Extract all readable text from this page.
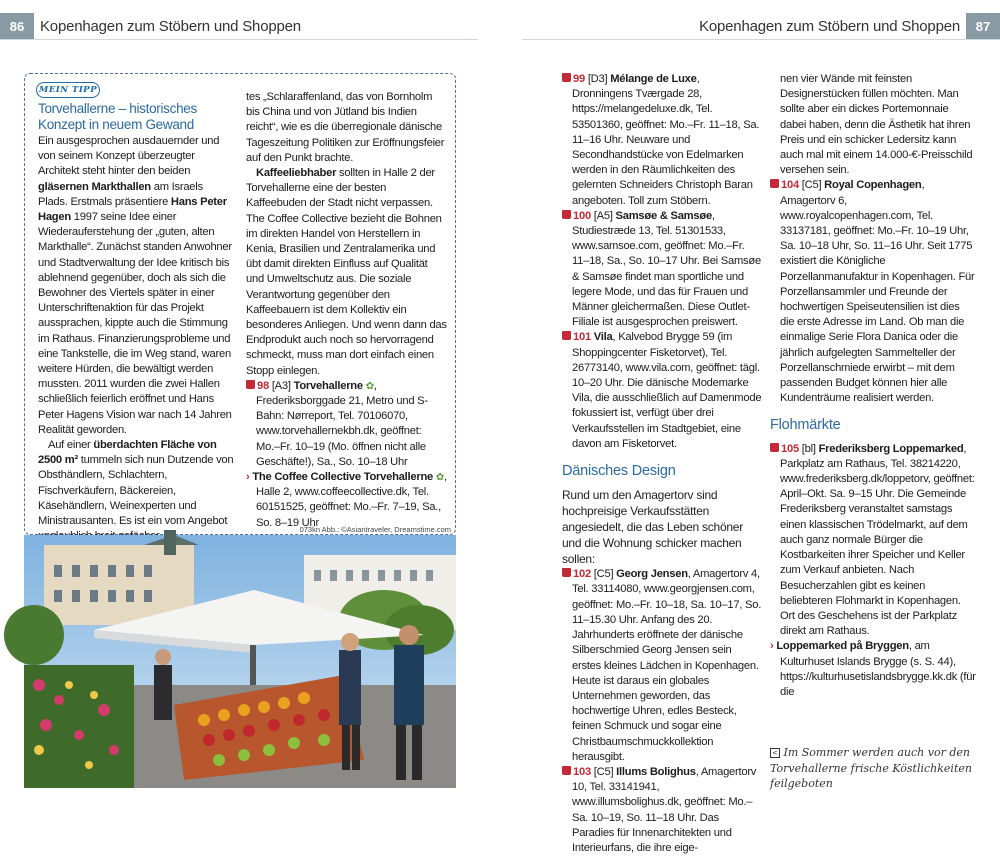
86	Kopenhagen zum Stöbern und Shoppen	Kopenhagen zum Stöbern und Shoppen	87
MEIN TIPP
Torvehallerne – historisches
Konzept in neuem Gewand

Ein ausgesprochen ausdauernder und von seinem Konzept überzeugter Architekt steht hinter den beiden gläsernen Markthallen am Israels Plads. Erstmals präsentiere Hans Peter Hagen 1997 seine Idee einer Wiederauferstehung der „guten, alten Markthalle“. Zunächst standen Anwohner und Stadtverwaltung der Idee kritisch bis ablehnend gegenüber, doch als sich die Bewohner des Viertels später in einer Unterschriftenaktion für das Projekt aussprachen, kippte auch die Stimmung im Rathaus. Finanzierungsprobleme und eine Tankstelle, die im Weg stand, waren weitere Hürden, die bewältigt werden mussten. 2011 wurden die zwei Hallen schließlich feierlich eröffnet und Hans Peter Hagens Vision war nach 14 Jahren Realität geworden.

Auf einer überdachten Fläche von 2500 m² tummeln sich nun Dutzende von Obsthändlern, Schlachtern, Fischverkäufern, Bäckereien, Käsehändlern, Weinexperten und Ministrausanten. Es ist ein vom Angebot

tes „Schlaraffenland, das von Bornholm bis China und von Jütland bis Indien reicht“, wie es die überregionale dänische Tageszeitung Politiken zur Eröffnungsfeier auf den Punkt brachte.

Kaffeeliebhaber sollten in Halle 2 der Torvehallerne eine der besten Kaffeebuden der Stadt nicht verpassen. The Coffee Collective bezieht die Bohnen im direkten Handel von Herstellern in Kenia, Brasilien und Zentralamerika und übt damit direkten Einfluss auf Qualität und Umweltschutz aus. Die soziale Verantwortung gegenüber den Kaffeebauern ist dem Kollektiv ein besonderes Anliegen. Und wenn dann das Endprodukt auch noch so hervorragend schmeckt, muss man dort einfach einen Stopp einlegen.

98 [A3] Torvehallerne ✿, Frederiksborggade 21, Metro und S-Bahn: Nørreport, Tel. 70106070, www.torvehallernekbh.dk, geöffnet: Mo.–Fr. 10–19 (Mo. öffnen nicht alle Geschäfte!), Sa., So. 10–18 Uhr

› The Coffee Collective Torvehallerne ✿, Halle 2, www.coffeecollective.dk, Tel. 60151525, geöffnet: Mo.–Fr. 7–19, Sa., So. 8–19 Uhr

073kn Abb.: ©Asiantraveler, Dreamstime.com

99 [D3] Mélange de Luxe, Dronningens Tværgade 28, https://melangedeluxe.dk, Tel. 53501360, geöffnet: Mo.–Fr. 11–18, Sa. 11–16 Uhr. Neuware und Secondhandstücke von Edelmarken werden in den Räumlichkeiten des gelernten Schneiders Christoph Baran angeboten. Toll zum Stöbern.

100 [A5] Samsøe & Samsøe, Studiestræde 13, Tel. 51301533, www.samsoe.com, geöffnet: Mo.–Fr. 11–18, Sa., So. 10–17 Uhr. Bei Samsøe & Samsøe findet man sportliche und legere Mode, und das für Frauen und Männer gleichermaßen. Diese Outlet-Filiale ist ausgesprochen preiswert.

101 Vila, Kalvebod Brygge 59 (im Shoppingcenter Fisketorvet), Tel. 26773140, www.vila.com, geöffnet: tägl. 10–20 Uhr. Die dänische Modemarke Vila, die ausschließlich auf Damenmode fokussiert ist, verfügt über drei Verkaufsstellen im Stadtgebiet, eine davon am Fisketorvet.

Dänisches Design

Rund um den Amagertorv sind hochpreisige Verkaufsstätten angesiedelt, die das Leben schöner und die Wohnung schicker machen sollen:

102 [C5] Georg Jensen, Amagertorv 4, Tel. 33114080, www.georgjensen.com, geöffnet: Mo.–Fr. 10–18, Sa. 10–17, So. 11–15.30 Uhr. Anfang des 20. Jahrhunderts eröffnete der dänische Silberschmied Georg Jensen sein erstes kleines Lädchen in Kopenhagen. Heute ist daraus ein globales Unternehmen geworden, das hochwertige Uhren, edles Besteck, feinen Schmuck und sogar eine Christbaumschmuckkollektion herausgibt.

103 [C5] Illums Bolighus, Amagertorv 10, Tel. 33141941, www.illumsbolighus.dk, geöffnet: Mo.–Sa. 10–19, So. 11–18 Uhr. Das Paradies für Innenarchitekten und Interieurfans, die ihre eige-

nen vier Wände mit feinsten Designerstücken füllen möchten. Man sollte aber ein dickes Portemonnaie dabei haben, denn die Ästhetik hat ihren Preis und ein schicker Ledersitz kann auch mal mit einem 14.000-€-Preisschild versehen sein.

104 [C5] Royal Copenhagen, Amagertorv 6, www.royalcopenhagen.com, Tel. 33137181, geöffnet: Mo.–Fr. 10–19 Uhr, Sa. 10–18 Uhr, So. 11–16 Uhr. Seit 1775 existiert die Königliche Porzellanmanufaktur in Kopenhagen. Für Porzellansammler und Freunde der hochwertigen Speiseutensilien ist dies die erste Adresse im Land. Ob man die einmalige Serie Flora Danica oder die jährlich aufgelegten Sammelteller der Porzellanschmiede erwirbt – mit dem passenden Budget können hier alle Kundenträume realisiert werden.

Flohmärkte

105 [bl] Frederiksberg Loppemarked, Parkplatz am Rathaus, Tel. 38214220, www.frederiksberg.dk/loppetorv, geöffnet: April–Okt. Sa. 9–15 Uhr. Die Gemeinde Frederiksberg veranstaltet samstags einen klassischen Trödelmarkt, auf dem auch ganz normale Bürger die Kostbarkeiten ihrer Speicher und Keller zum Verkauf anbieten. Nach Besucherzahlen gibt es keinen beliebteren Flohmarkt in Kopenhagen. Ort des Geschehens ist der Parkplatz direkt am Rathaus.

› Loppemarked på Bryggen, am Kulturhuset Islands Brygge (s. S. 44), https://kulturhusetislandsbrygge.kk.dk (für die

< Im Sommer werden auch vor den Torvehallerne frische Köstlichkeiten feilgeboten
